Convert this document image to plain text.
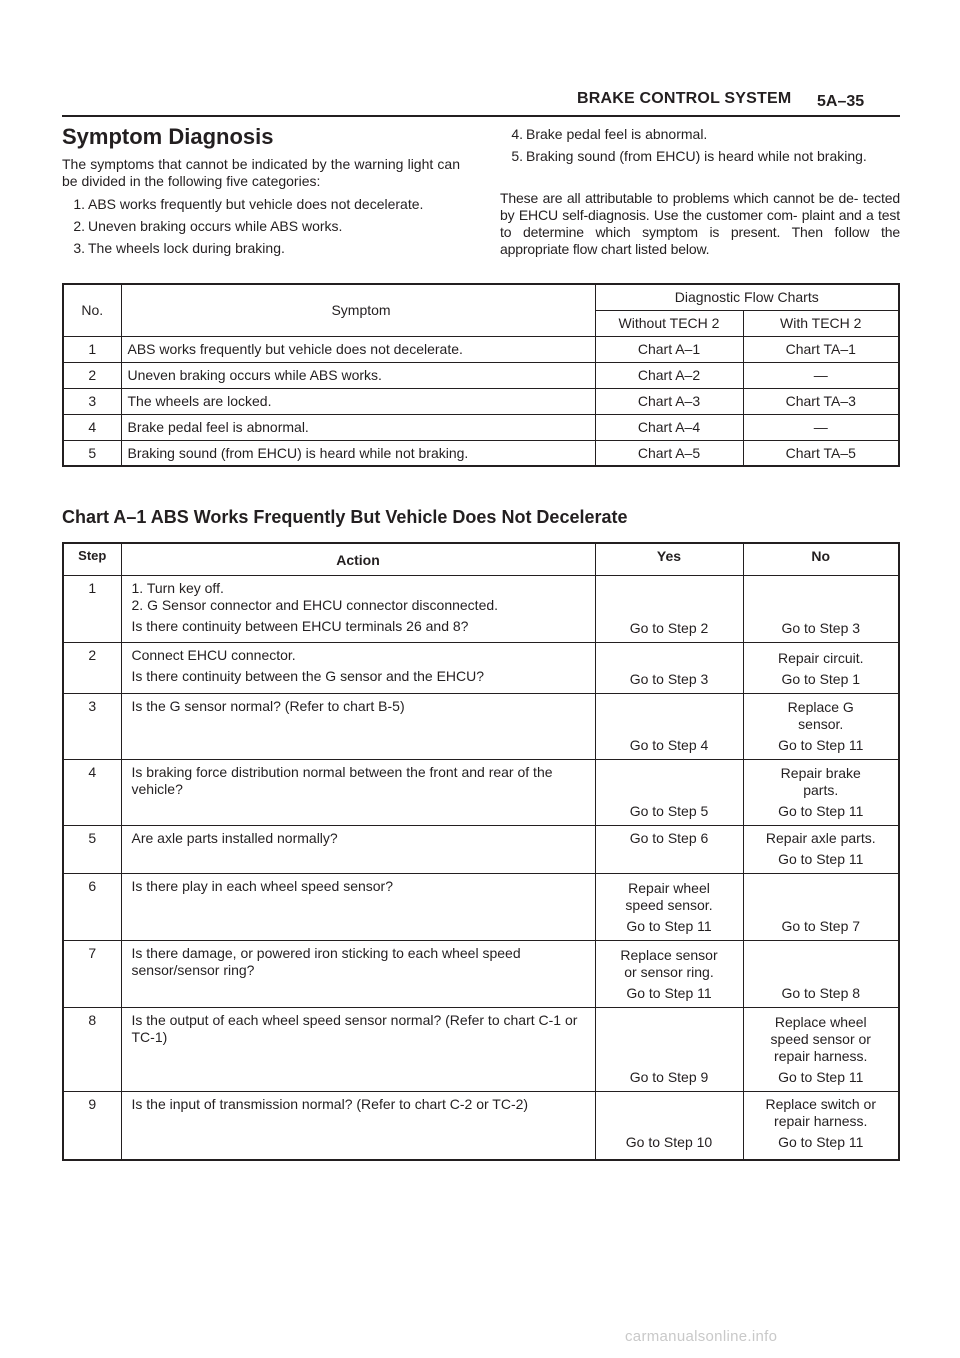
BRAKE CONTROL SYSTEM 5A–35
Symptom Diagnosis
The symptoms that cannot be indicated by the warning light can be divided in the following five categories:
1. ABS works frequently but vehicle does not decelerate.
2. Uneven braking occurs while ABS works.
3. The wheels lock during braking.
4. Brake pedal feel is abnormal.
5. Braking sound (from EHCU) is heard while not braking.
These are all attributable to problems which cannot be de- tected by EHCU self-diagnosis. Use the customer com- plaint and a test to determine which symptom is present. Then follow the appropriate flow chart listed below.
No.	Symptom	Diagnostic Flow Charts	
		Without TECH 2	With TECH 2
1	ABS works frequently but vehicle does not decelerate.	Chart A–1	Chart TA–1
2	Uneven braking occurs while ABS works.	Chart A–2	—
3	The wheels are locked.	Chart A–3	Chart TA–3
4	Brake pedal feel is abnormal.	Chart A–4	—
5	Braking sound (from EHCU) is heard while not braking.	Chart A–5	Chart TA–5
Chart A–1 ABS Works Frequently But Vehicle Does Not Decelerate
Step	Action	Yes	No
1	1. Turn key off.
2. G Sensor connector and EHCU connector disconnected.
Is there continuity between EHCU terminals 26 and 8?	Go to Step 2	Go to Step 3
2	Connect EHCU connector.
Is there continuity between the G sensor and the EHCU?	Go to Step 3	Repair circuit.
Go to Step 1

3	Is the G sensor normal? (Refer to chart B-5)	Go to Step 4	Replace G sensor.
Go to Step 11

4	Is braking force distribution normal between the front and rear of the vehicle?	Go to Step 5	Repair brake parts.
Go to Step 11

5	Are axle parts installed normally?	Go to Step 6	Repair axle parts.
Go to Step 11

6	Is there play in each wheel speed sensor?	Repair wheel speed sensor.
Go to Step 11	Go to Step 7
7	Is there damage, or powered iron sticking to each wheel speed sensor/sensor ring?	Replace sensor or sensor ring.
Go to Step 11	Go to Step 8
8	Is the output of each wheel speed sensor normal? (Refer to chart C-1 or TC-1)	Go to Step 9	Replace wheel speed sensor or repair harness.
Go to Step 11

9	Is the input of transmission normal? (Refer to chart C-2 or TC-2)	Go to Step 10	Replace switch or repair harness.
Go to Step 11
carmanualsonline.info
